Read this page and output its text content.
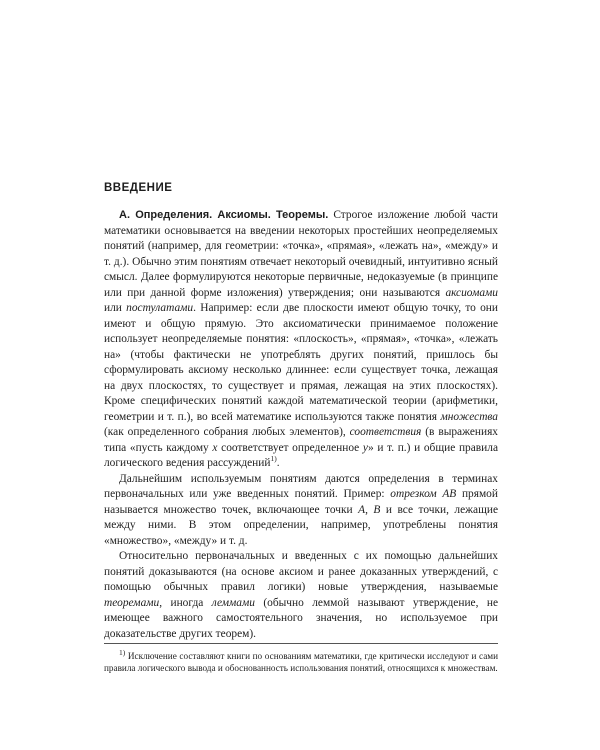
ВВЕДЕНИЕ

А. Определения. Аксиомы. Теоремы. Строгое изложение любой части математики основывается на введении некоторых простейших неопределяемых понятий (например, для геометрии: «точка», «прямая», «лежать на», «между» и т. д.). Обычно этим понятиям отвечает некоторый очевидный, интуитивно ясный смысл. Далее формулируются некоторые первичные, недоказуемые (в принципе или при данной форме изложения) утверждения; они называются аксиомами или постулатами. Например: если две плоскости имеют общую точку, то они имеют и общую прямую. Это аксиоматически принимаемое положение использует неопределяемые понятия: «плоскость», «прямая», «точка», «лежать на» (чтобы фактически не употреблять других понятий, пришлось бы сформулировать аксиому несколько длиннее: если существует точка, лежащая на двух плоскостях, то существует и прямая, лежащая на этих плоскостях). Кроме специфических понятий каждой математической теории (арифметики, геометрии и т. п.), во всей математике используются также понятия множества (как определенного собрания любых элементов), соответствия (в выражениях типа «пусть каждому x соответствует определенное y» и т. п.) и общие правила логического ведения рассуждений$^{1)}$.

Дальнейшим используемым понятиям даются определения в терминах первоначальных или уже введенных понятий. Пример: отрезком AB прямой называется множество точек, включающее точки A, B и все точки, лежащие между ними. В этом определении, например, употреблены понятия «множество», «между» и т. д.

Относительно первоначальных и введенных с их помощью дальнейших понятий доказываются (на основе аксиом и ранее доказанных утверждений, с помощью обычных правил логики) новые утверждения, называемые теоремами, иногда леммами (обычно леммой называют утверждение, не имеющее важного самостоятельного значения, но используемое при доказательстве других теорем).

$^{1)}$ Исключение составляют книги по основаниям математики, где критически исследуют и сами правила логического вывода и обоснованность использования понятий, относящихся к множествам.
